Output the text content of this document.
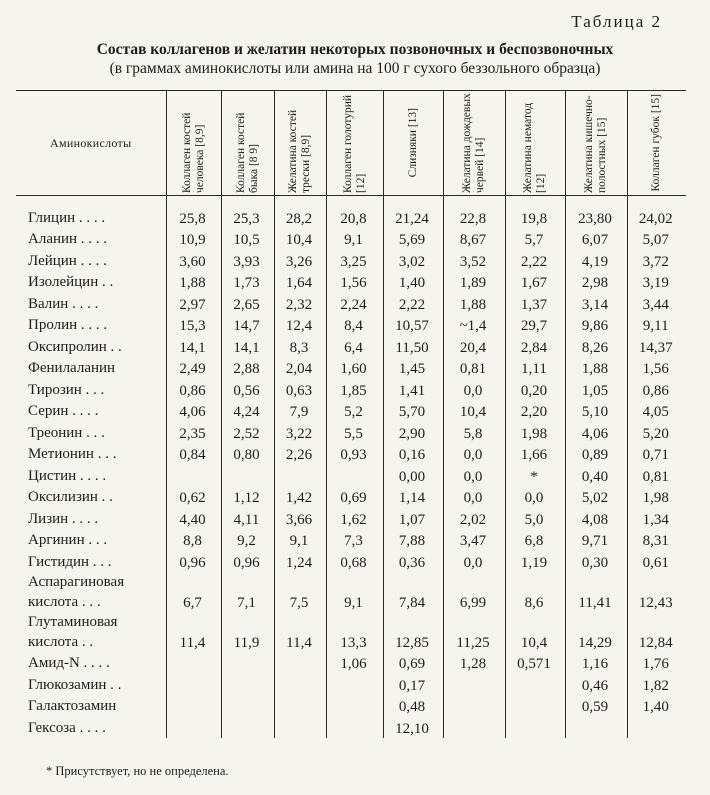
Таблица 2
Состав коллагенов и желатин некоторых позвоночных и беспозвоночных
(в граммах аминокислоты или амина на 100 г сухого беззольного образца)
Аминокислоты	Коллаген костей человека [8,9]	Коллаген костей быка [8 9]	Желатина костей трески [8,9]	Коллаген голотурий [12]	Слизняки [13]	Желатина дождевых червей [14]	Желатина нематод [12]	Желатина кишечно-полостных [15]	Коллаген губок [15]

Глицин . . . .	25,8	25,3	28,2	20,8	21,24	22,8	19,8	23,80	24,02
Аланин . . . .	10,9	10,5	10,4	9,1	5,69	8,67	5,7	6,07	5,07
Лейцин . . . .	3,60	3,93	3,26	3,25	3,02	3,52	2,22	4,19	3,72
Изолейцин . .	1,88	1,73	1,64	1,56	1,40	1,89	1,67	2,98	3,19
Валин . . . .	2,97	2,65	2,32	2,24	2,22	1,88	1,37	3,14	3,44
Пролин . . . .	15,3	14,7	12,4	8,4	10,57	~1,4	29,7	9,86	9,11
Оксипролин . .	14,1	14,1	8,3	6,4	11,50	20,4	2,84	8,26	14,37
Фенилаланин	2,49	2,88	2,04	1,60	1,45	0,81	1,11	1,88	1,56
Тирозин . . .	0,86	0,56	0,63	1,85	1,41	0,0	0,20	1,05	0,86
Серин . . . .	4,06	4,24	7,9	5,2	5,70	10,4	2,20	5,10	4,05
Треонин . . .	2,35	2,52	3,22	5,5	2,90	5,8	1,98	4,06	5,20
Метионин . . .	0,84	0,80	2,26	0,93	0,16	0,0	1,66	0,89	0,71
Цистин . . . .					0,00	0,0	*	0,40	0,81
Оксилизин . .	0,62	1,12	1,42	0,69	1,14	0,0	0,0	5,02	1,98
Лизин . . . .	4,40	4,11	3,66	1,62	1,07	2,02	5,0	4,08	1,34
Аргинин . . .	8,8	9,2	9,1	7,3	7,88	3,47	6,8	9,71	8,31
Гистидин . . .	0,96	0,96	1,24	0,68	0,36	0,0	1,19	0,30	0,61
Аспарагиновая кислота . . .	6,7	7,1	7,5	9,1	7,84	6,99	8,6	11,41	12,43
Глутаминовая кислота . .	11,4	11,9	11,4	13,3	12,85	11,25	10,4	14,29	12,84
Амид-N . . . .				1,06	0,69	1,28	0,571	1,16	1,76
Глюкозамин . .					0,17			0,46	1,82
Галактозамин					0,48			0,59	1,40
Гексоза . . . .					12,10				
* Присутствует, но не определена.
